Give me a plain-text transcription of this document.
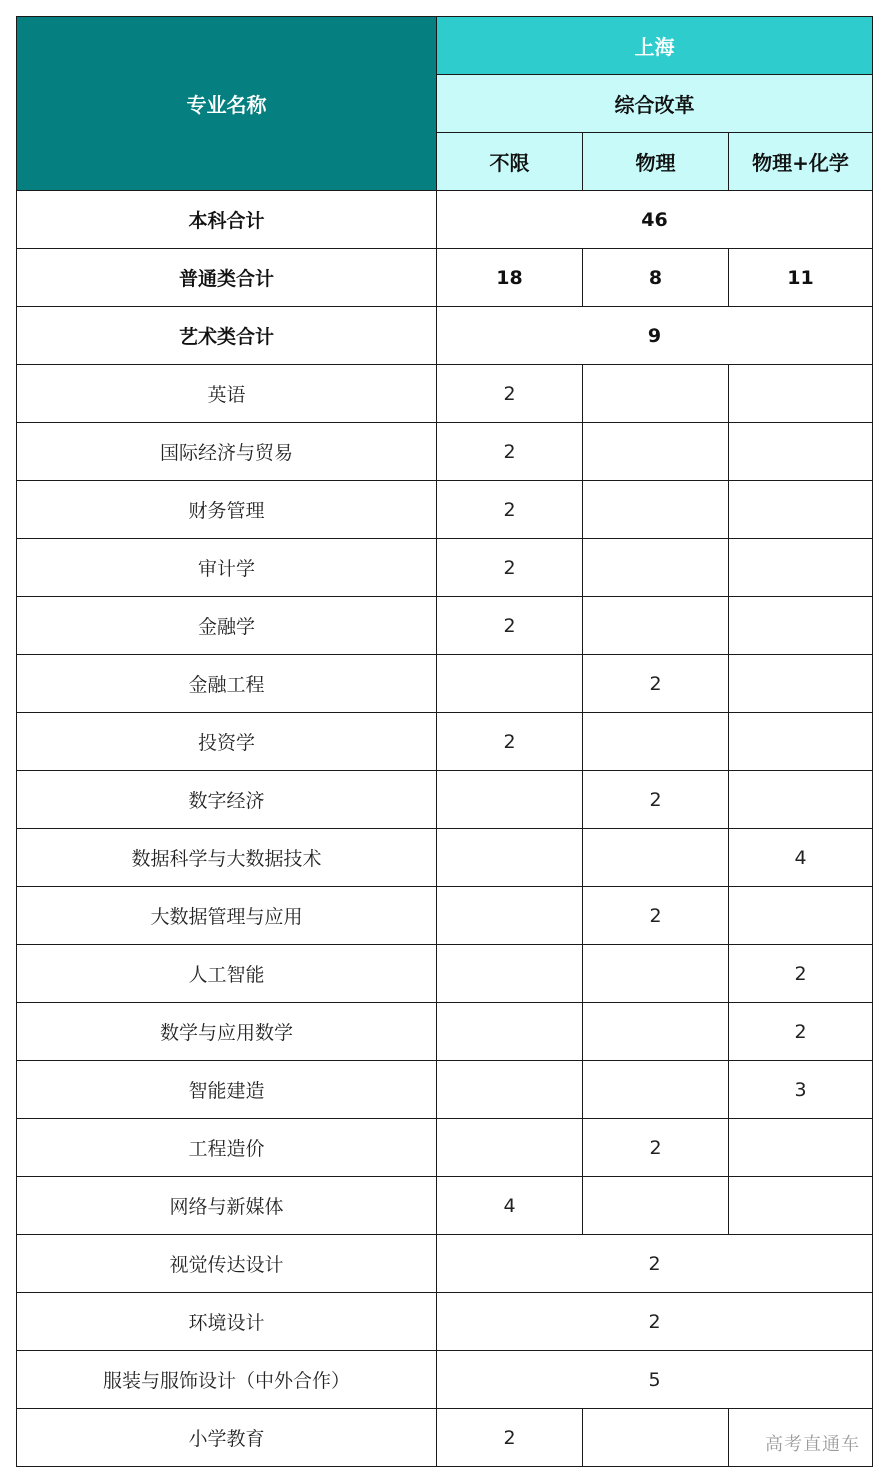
专业名称	上海		
	综合改革		
	不限	物理	物理+化学
本科合计	46		
普通类合计	18	8	11
艺术类合计	9		
英语	2		
国际经济与贸易	2		
财务管理	2		
审计学	2		
金融学	2		
金融工程		2	
投资学	2		
数字经济		2	
数据科学与大数据技术			4
大数据管理与应用		2	
人工智能			2
数学与应用数学			2
智能建造			3
工程造价		2	
网络与新媒体	4		
视觉传达设计	2		
环境设计	2		
服装与服饰设计（中外合作）	5		
小学教育	2			高考直通车
